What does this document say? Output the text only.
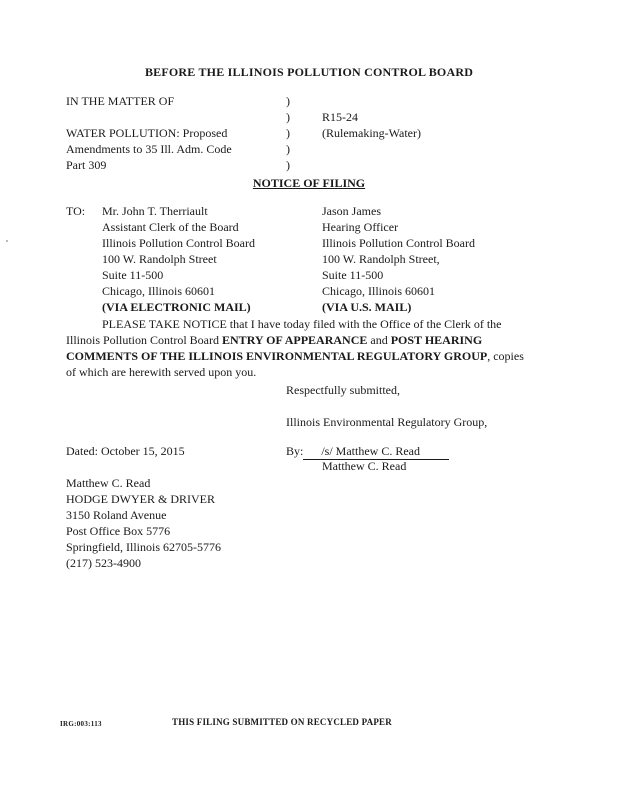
BEFORE THE ILLINOIS POLLUTION CONTROL BOARD
IN THE MATTER OF
WATER POLLUTION: Proposed
Amendments to 35 Ill. Adm. Code
Part 309
)
)
)
)
)
R15-24
(Rulemaking-Water)
NOTICE OF FILING
TO: Mr. John T. Therriault
Assistant Clerk of the Board
Illinois Pollution Control Board
100 W. Randolph Street
Suite 11-500
Chicago, Illinois 60601
(VIA ELECTRONIC MAIL)
Jason James
Hearing Officer
Illinois Pollution Control Board
100 W. Randolph Street,
Suite 11-500
Chicago, Illinois 60601
(VIA U.S. MAIL)
PLEASE TAKE NOTICE that I have today filed with the Office of the Clerk of the Illinois Pollution Control Board ENTRY OF APPEARANCE and POST HEARING COMMENTS OF THE ILLINOIS ENVIRONMENTAL REGULATORY GROUP, copies of which are herewith served upon you.
Respectfully submitted,
Illinois Environmental Regulatory Group,
Dated: October 15, 2015	By: /s/ Matthew C. Read
Matthew C. Read
Matthew C. Read
HODGE DWYER & DRIVER
3150 Roland Avenue
Post Office Box 5776
Springfield, Illinois 62705-5776
(217) 523-4900
IRG:003:113	THIS FILING SUBMITTED ON RECYCLED PAPER
